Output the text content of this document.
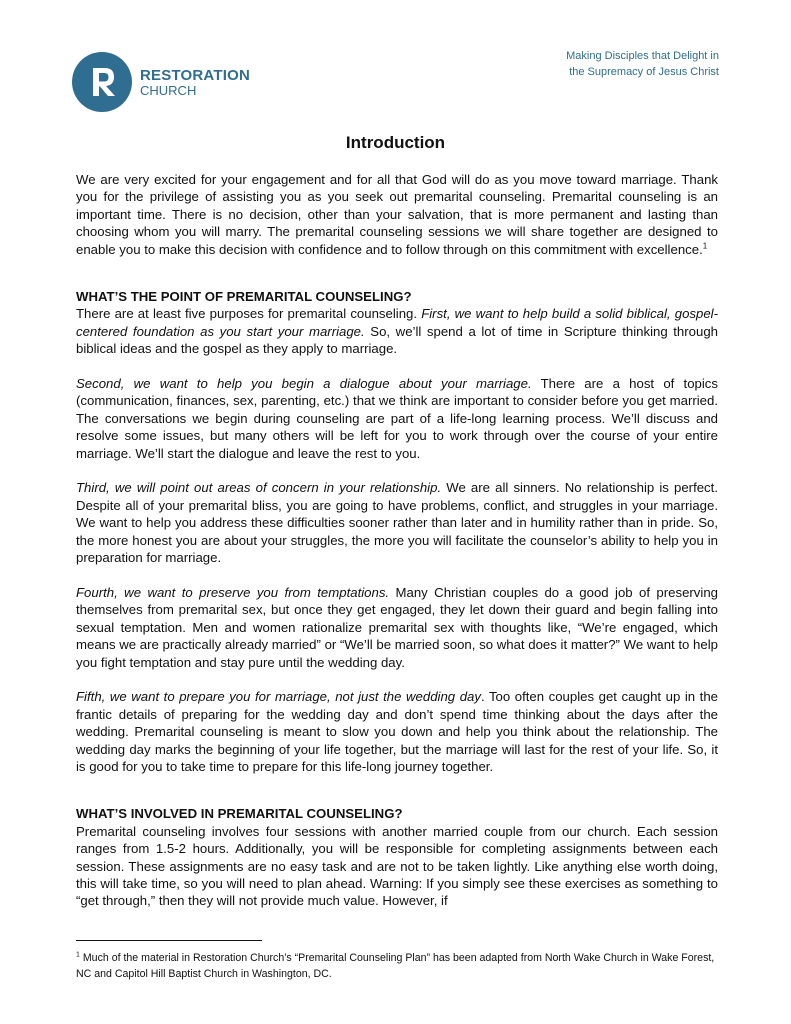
RESTORATION
CHURCH
Making Disciples that Delight in
the Supremacy of Jesus Christ
Introduction

We are very excited for your engagement and for all that God will do as you move toward marriage. Thank you for the privilege of assisting you as you seek out premarital counseling. Premarital counseling is an important time. There is no decision, other than your salvation, that is more permanent and lasting than choosing whom you will marry. The premarital counseling sessions we will share together are designed to enable you to make this decision with confidence and to follow through on this commitment with excellence.$^1$

WHAT’S THE POINT OF PREMARITAL COUNSELING?

There are at least five purposes for premarital counseling. First, we want to help build a solid biblical, gospel-centered foundation as you start your marriage. So, we’ll spend a lot of time in Scripture thinking through biblical ideas and the gospel as they apply to marriage.

Second, we want to help you begin a dialogue about your marriage. There are a host of topics (communication, finances, sex, parenting, etc.) that we think are important to consider before you get married. The conversations we begin during counseling are part of a life-long learning process. We’ll discuss and resolve some issues, but many others will be left for you to work through over the course of your entire marriage. We’ll start the dialogue and leave the rest to you.

Third, we will point out areas of concern in your relationship. We are all sinners. No relationship is perfect. Despite all of your premarital bliss, you are going to have problems, conflict, and struggles in your marriage. We want to help you address these difficulties sooner rather than later and in humility rather than in pride. So, the more honest you are about your struggles, the more you will facilitate the counselor’s ability to help you in preparation for marriage.

Fourth, we want to preserve you from temptations. Many Christian couples do a good job of preserving themselves from premarital sex, but once they get engaged, they let down their guard and begin falling into sexual temptation. Men and women rationalize premarital sex with thoughts like, “We’re engaged, which means we are practically already married” or “We’ll be married soon, so what does it matter?” We want to help you fight temptation and stay pure until the wedding day.

Fifth, we want to prepare you for marriage, not just the wedding day. Too often couples get caught up in the frantic details of preparing for the wedding day and don’t spend time thinking about the days after the wedding. Premarital counseling is meant to slow you down and help you think about the relationship. The wedding day marks the beginning of your life together, but the marriage will last for the rest of your life. So, it is good for you to take time to prepare for this life-long journey together.

WHAT’S INVOLVED IN PREMARITAL COUNSELING?

Premarital counseling involves four sessions with another married couple from our church. Each session ranges from 1.5-2 hours. Additionally, you will be responsible for completing assignments between each session. These assignments are no easy task and are not to be taken lightly. Like anything else worth doing, this will take time, so you will need to plan ahead. Warning: If you simply see these exercises as something to “get through,” then they will not provide much value. However, if

$^1$ Much of the material in Restoration Church’s “Premarital Counseling Plan” has been adapted from North Wake Church in Wake Forest, NC and Capitol Hill Baptist Church in Washington, DC.
